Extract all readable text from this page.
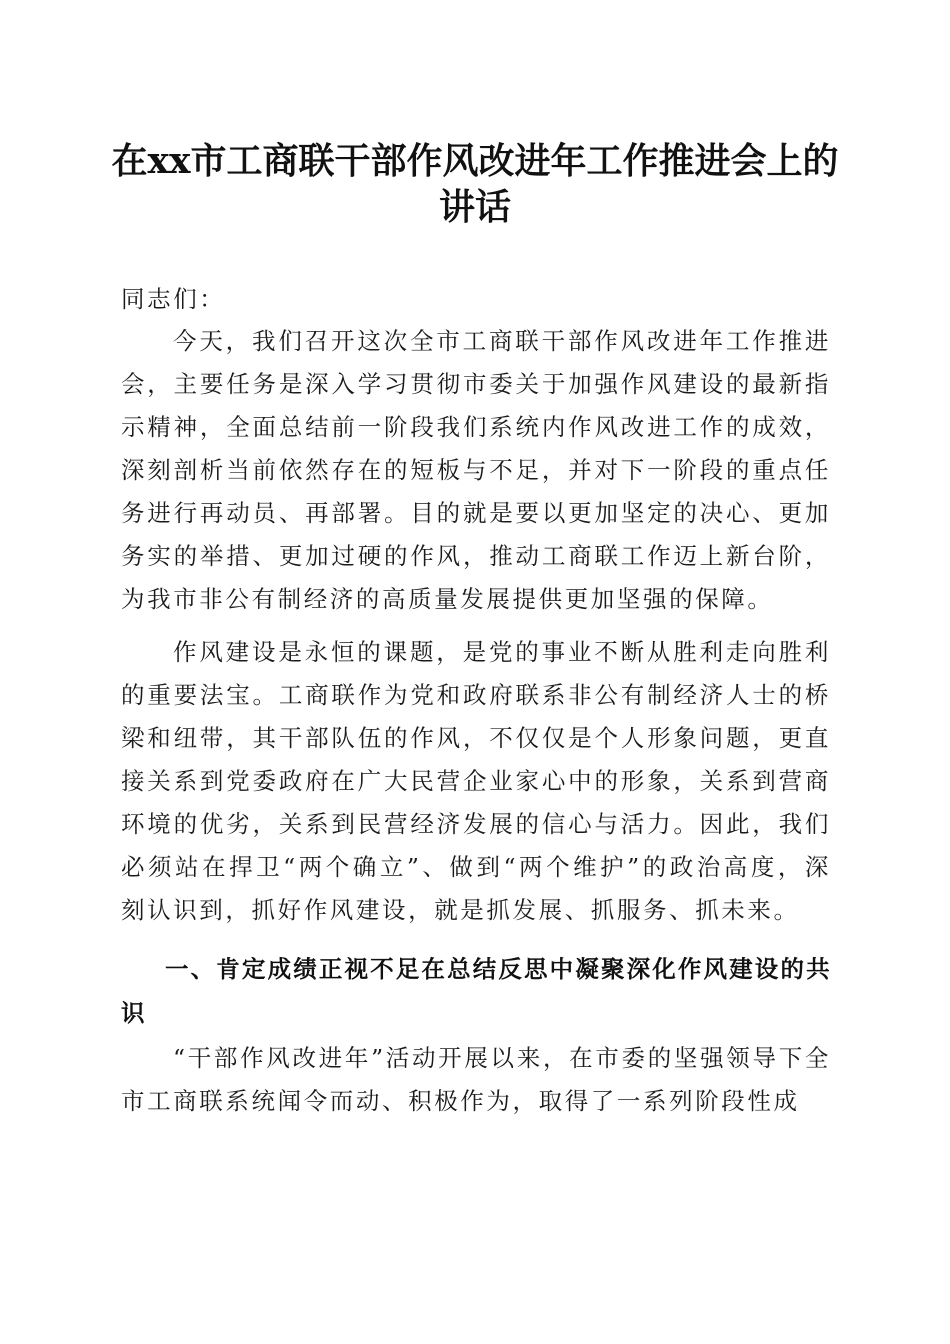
在xx市工商联干部作风改进年工作推进会上的讲话

同志们：

今天，我们召开这次全市工商联干部作风改进年工作推进会，主要任务是深入学习贯彻市委关于加强作风建设的最新指示精神，全面总结前一阶段我们系统内作风改进工作的成效，深刻剖析当前依然存在的短板与不足，并对下一阶段的重点任务进行再动员、再部署。目的就是要以更加坚定的决心、更加务实的举措、更加过硬的作风，推动工商联工作迈上新台阶，为我市非公有制经济的高质量发展提供更加坚强的保障。

作风建设是永恒的课题，是党的事业不断从胜利走向胜利的重要法宝。工商联作为党和政府联系非公有制经济人士的桥梁和纽带，其干部队伍的作风，不仅仅是个人形象问题，更直接关系到党委政府在广大民营企业家心中的形象，关系到营商环境的优劣，关系到民营经济发展的信心与活力。因此，我们必须站在捍卫“两个确立”、做到“两个维护”的政治高度，深刻认识到，抓好作风建设，就是抓发展、抓服务、抓未来。

一、肯定成绩正视不足在总结反思中凝聚深化作风建设的共识

“干部作风改进年”活动开展以来，在市委的坚强领导下全市工商联系统闻令而动、积极作为，取得了一系列阶段性成
